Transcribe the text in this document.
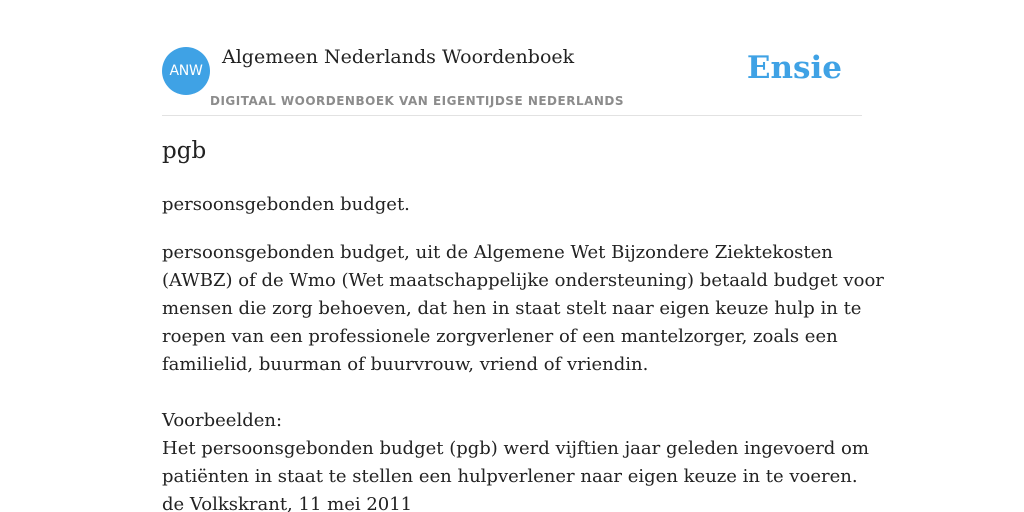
ANW
Algemeen Nederlands Woordenboek
DIGITAAL WOORDENBOEK VAN EIGENTIJDSE NEDERLANDS
Ensie
pgb
persoonsgebonden budget.
persoonsgebonden budget, uit de Algemene Wet Bijzondere Ziektekosten
(AWBZ) of de Wmo (Wet maatschappelijke ondersteuning) betaald budget voor
mensen die zorg behoeven, dat hen in staat stelt naar eigen keuze hulp in te
roepen van een professionele zorgverlener of een mantelzorger, zoals een
familielid, buurman of buurvrouw, vriend of vriendin.
Voorbeelden:
Het persoonsgebonden budget (pgb) werd vijftien jaar geleden ingevoerd om
patiënten in staat te stellen een hulpverlener naar eigen keuze in te voeren.
de Volkskrant, 11 mei 2011
